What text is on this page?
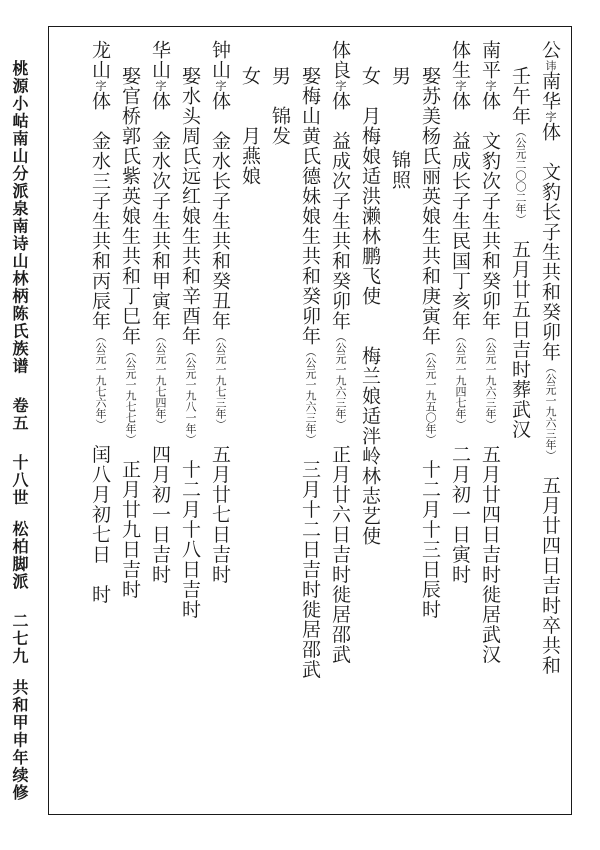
桃源小岵南山分派泉南诗山林柄陈氏族谱卷五十八世松柏脚派二七九共和甲申年续修
公讳南华字体　文豹长子生共和癸卯年（公元一九六三年）　五月廿四日吉时卒共和
壬午年（公元二〇〇二年）　五月廿五日吉时葬武汉
南平字体　文豹次子生共和癸卯年（公元一九六三年）　五月廿四日吉时徙居武汉
体生字体　益成长子生民国丁亥年（公元一九四七年）　二月初一日寅时
娶苏美杨氏丽英娘生共和庚寅年（公元一九五〇年）　十二月十三日辰时
男锦照
女　月梅娘适洪濑林鹏飞使　　梅兰娘适泮岭林志艺使
体良字体　益成次子生共和癸卯年（公元一九六三年）　正月廿六日吉时徙居邵武
娶梅山黄氏德妹娘生共和癸卯年（公元一九六三年）　三月十二日吉时徙居邵武
男　锦发
女　　月燕娘
钟山字体　金水长子生共和癸丑年（公元一九七三年）　五月廿七日吉时
娶水头周氏远红娘生共和辛酉年（公元一九八一年）　十二月十八日吉时
华山字体　金水次子生共和甲寅年（公元一九七四年）　四月初一日吉时
娶官桥郭氏紫英娘生共和丁巳年（公元一九七七年）　正月廿九日吉时
龙山字体　金水三子生共和丙辰年（公元一九七六年）　闰八月初七日　时
